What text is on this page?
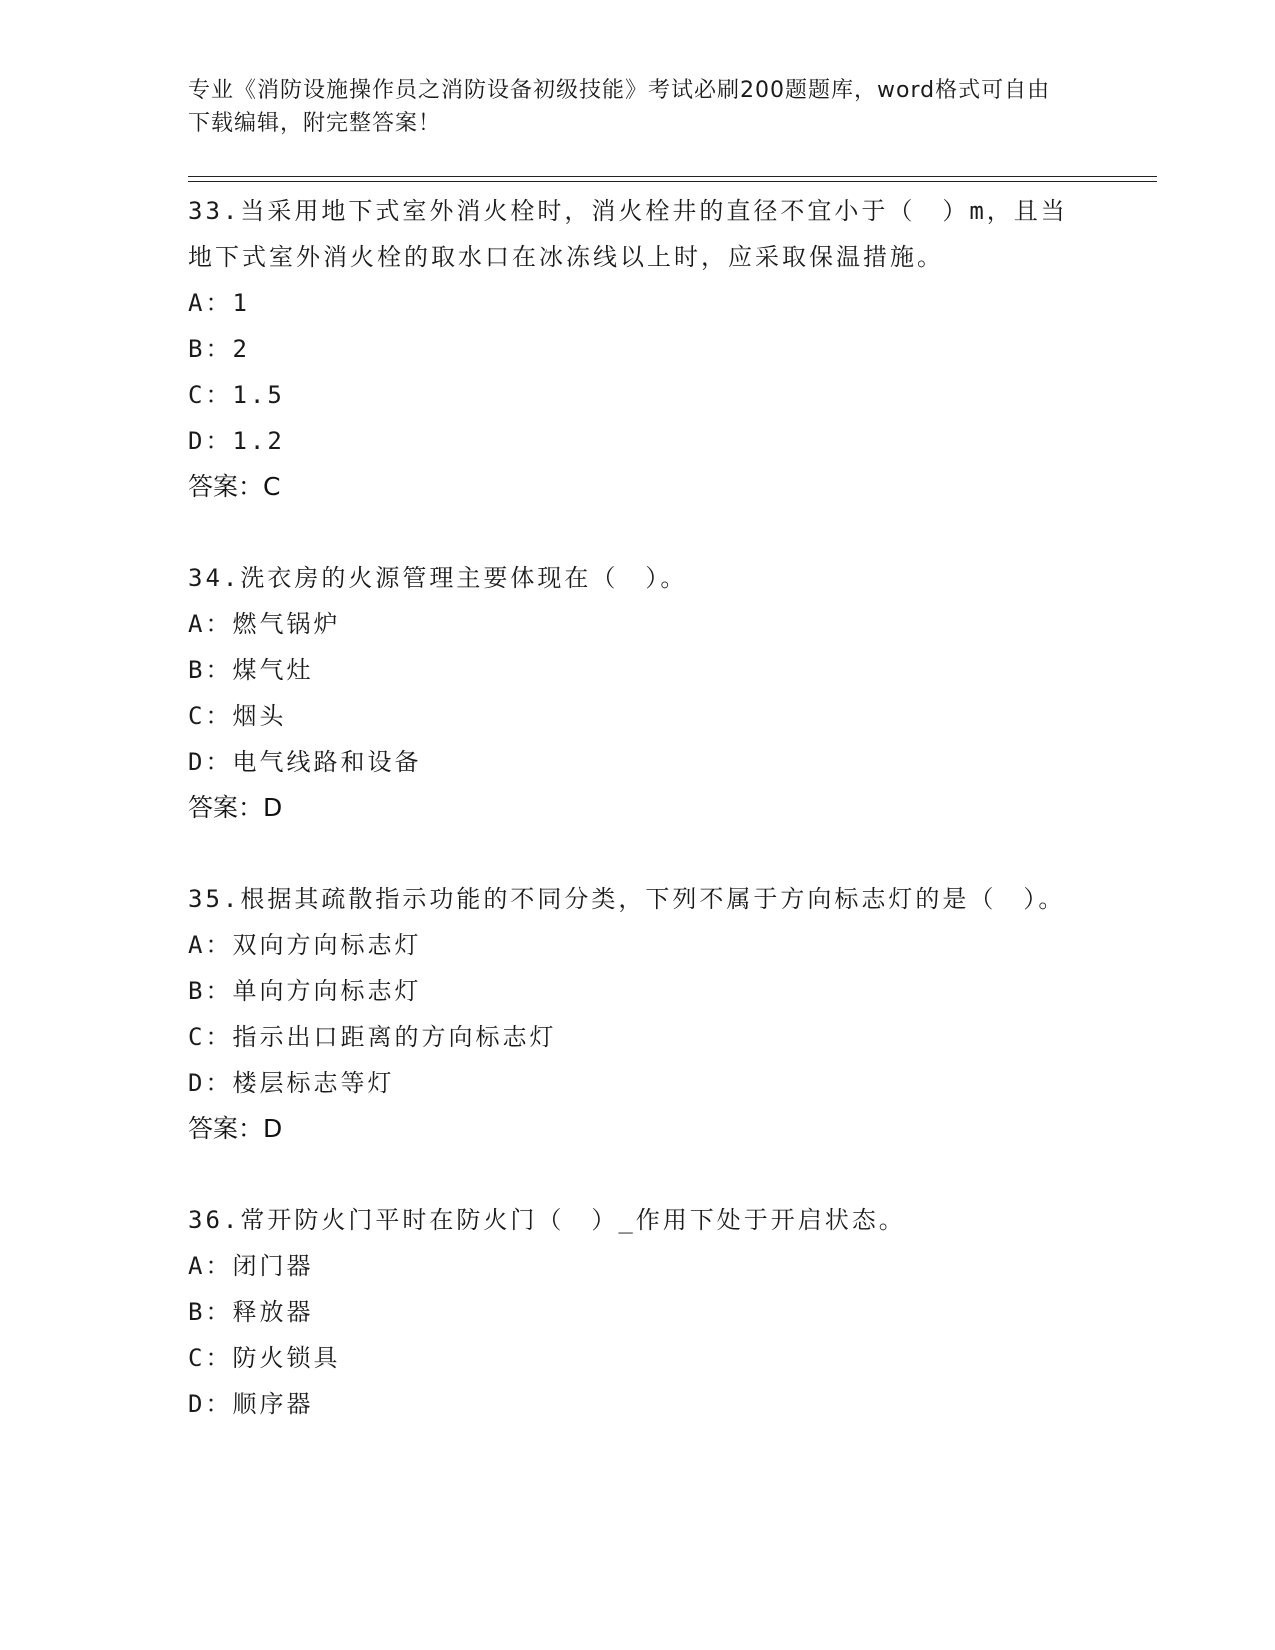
专业《消防设施操作员之消防设备初级技能》考试必刷200题题库，word格式可自由下载编辑，附完整答案！

33.当采用地下式室外消火栓时，消火栓井的直径不宜小于（　）m，且当地下式室外消火栓的取水口在冰冻线以上时，应采取保温措施。

A：1

B：2

C：1.5

D：1.2

答案：C

34.洗衣房的火源管理主要体现在（　）。

A：燃气锅炉

B：煤气灶

C：烟头

D：电气线路和设备

答案：D

35.根据其疏散指示功能的不同分类，下列不属于方向标志灯的是（　）。

A：双向方向标志灯

B：单向方向标志灯

C：指示出口距离的方向标志灯

D：楼层标志等灯

答案：D

36.常开防火门平时在防火门（　）_作用下处于开启状态。

A：闭门器

B：释放器

C：防火锁具

D：顺序器
